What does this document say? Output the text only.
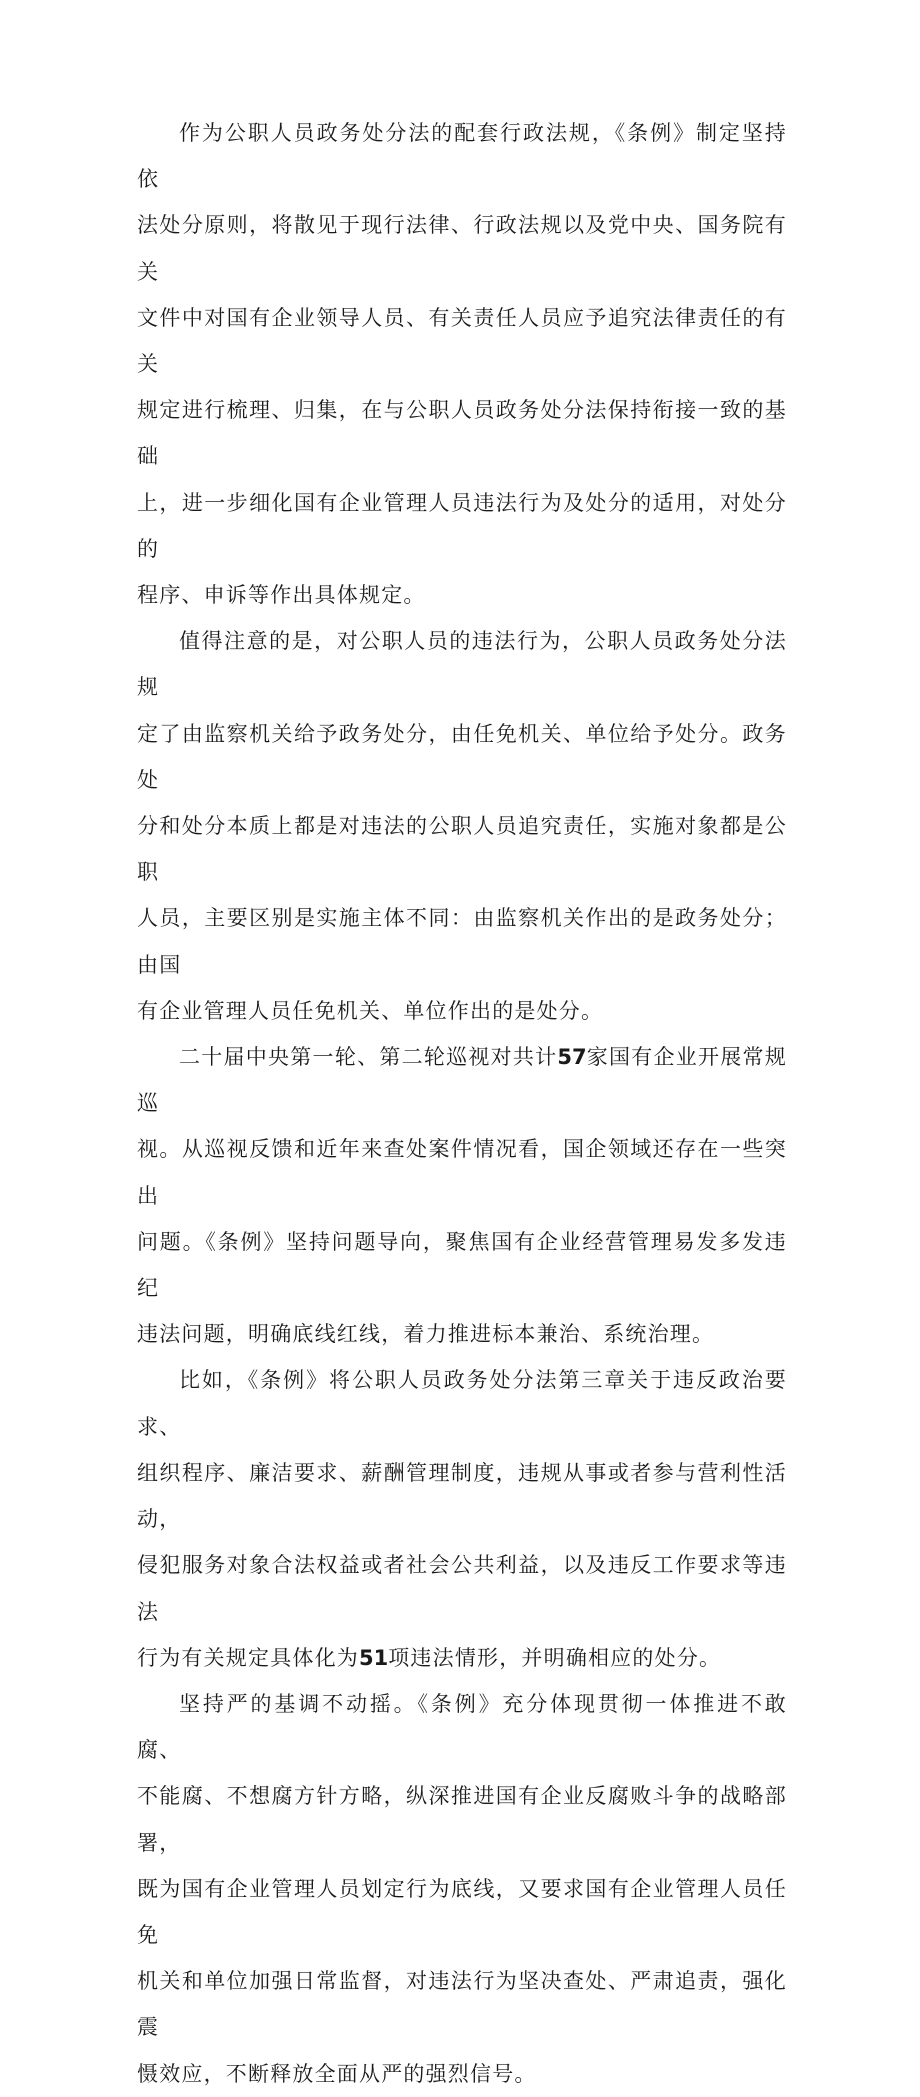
作为公职人员政务处分法的配套行政法规，《条例》制定坚持依
法处分原则，将散见于现行法律、行政法规以及党中央、国务院有关
文件中对国有企业领导人员、有关责任人员应予追究法律责任的有关
规定进行梳理、归集，在与公职人员政务处分法保持衔接一致的基础
上，进一步细化国有企业管理人员违法行为及处分的适用，对处分的
程序、申诉等作出具体规定。

值得注意的是，对公职人员的违法行为，公职人员政务处分法规
定了由监察机关给予政务处分，由任免机关、单位给予处分。政务处
分和处分本质上都是对违法的公职人员追究责任，实施对象都是公职
人员，主要区别是实施主体不同：由监察机关作出的是政务处分；由国
有企业管理人员任免机关、单位作出的是处分。

二十届中央第一轮、第二轮巡视对共计57家国有企业开展常规巡
视。从巡视反馈和近年来查处案件情况看，国企领域还存在一些突出
问题。《条例》坚持问题导向，聚焦国有企业经营管理易发多发违纪
违法问题，明确底线红线，着力推进标本兼治、系统治理。

比如，《条例》将公职人员政务处分法第三章关于违反政治要求、
组织程序、廉洁要求、薪酬管理制度，违规从事或者参与营利性活动，
侵犯服务对象合法权益或者社会公共利益，以及违反工作要求等违法
行为有关规定具体化为51项违法情形，并明确相应的处分。

坚持严的基调不动摇。《条例》充分体现贯彻一体推进不敢腐、
不能腐、不想腐方针方略，纵深推进国有企业反腐败斗争的战略部署，
既为国有企业管理人员划定行为底线，又要求国有企业管理人员任免
机关和单位加强日常监督，对违法行为坚决查处、严肃追责，强化震
慑效应，不断释放全面从严的强烈信号。
